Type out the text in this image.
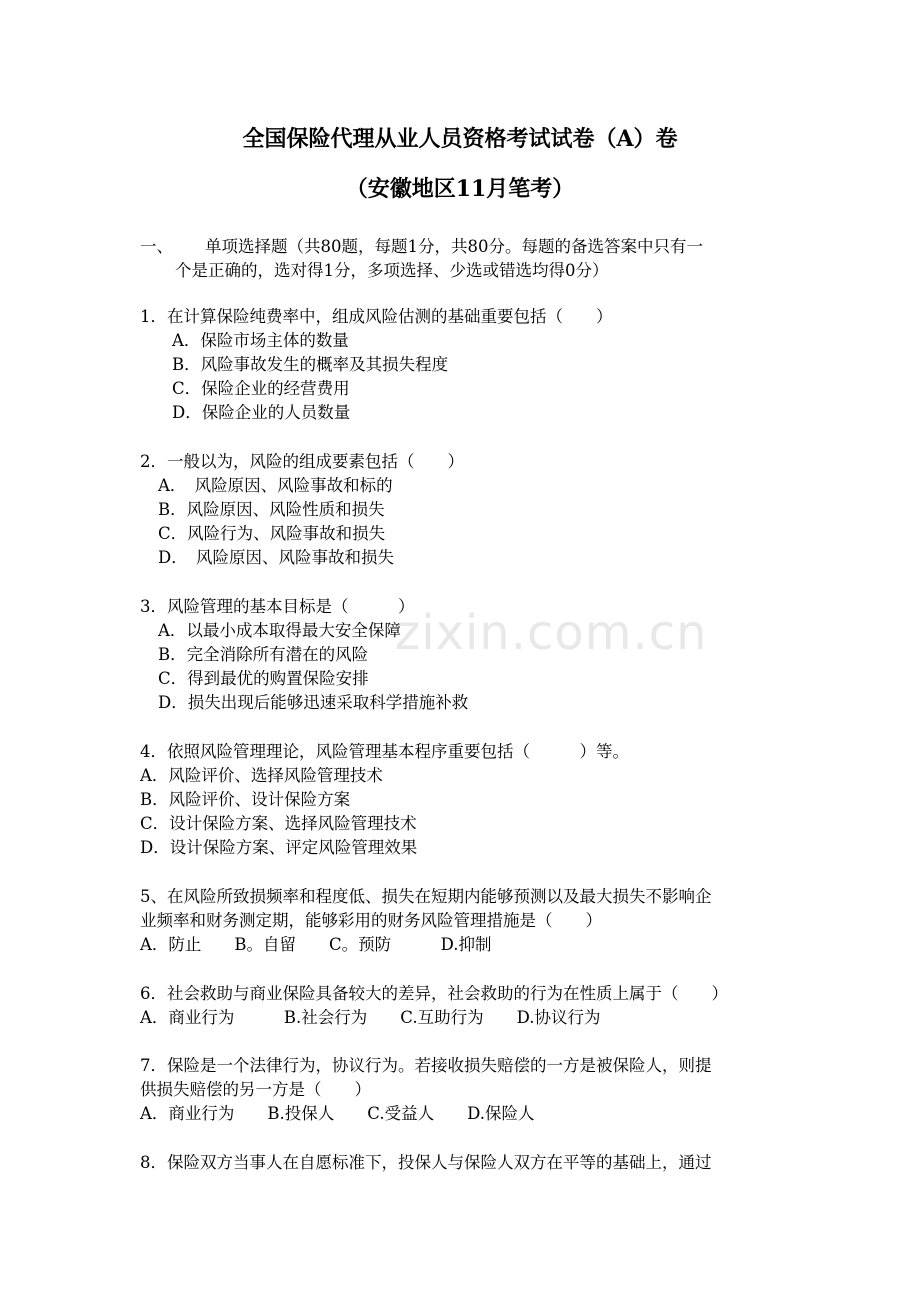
zixin.com.cn
全国保险代理从业人员资格考试试卷（A）卷
（安徽地区11月笔考）
一、 单项选择题（共80题，每题1分，共80分。每题的备选答案中只有一
个是正确的，选对得1分，多项选择、少选或错选均得0分）
1．在计算保险纯费率中，组成风险估测的基础重要包括（　　）
A．保险市场主体的数量
B．风险事故发生的概率及其损失程度
C．保险企业的经营费用
D．保险企业的人员数量
2．一般以为，风险的组成要素包括（　　）
A．　风险原因、风险事故和标的
B．风险原因、风险性质和损失
C．风险行为、风险事故和损失
D．　风险原因、风险事故和损失
3．风险管理的基本目标是（　　　）
A．以最小成本取得最大安全保障
B．完全消除所有潜在的风险
C．得到最优的购置保险安排
D．损失出现后能够迅速采取科学措施补救
4．依照风险管理理论，风险管理基本程序重要包括（　　　）等。
A．风险评价、选择风险管理技术
B．风险评价、设计保险方案
C．设计保险方案、选择风险管理技术
D．设计保险方案、评定风险管理效果
5、在风险所致损频率和程度低、损失在短期内能够预测以及最大损失不影响企
业频率和财务测定期，能够彩用的财务风险管理措施是（　　）
A．防止　　B。自留　　C。预防　　　D.抑制
6．社会救助与商业保险具备较大的差异，社会救助的行为在性质上属于（　　）
A．商业行为　　　B.社会行为　　C.互助行为　　D.协议行为
7．保险是一个法律行为，协议行为。若接收损失赔偿的一方是被保险人，则提
供损失赔偿的另一方是（　　）
A．商业行为　　B.投保人　　C.受益人　　D.保险人
8．保险双方当事人在自愿标准下，投保人与保险人双方在平等的基础上，通过
